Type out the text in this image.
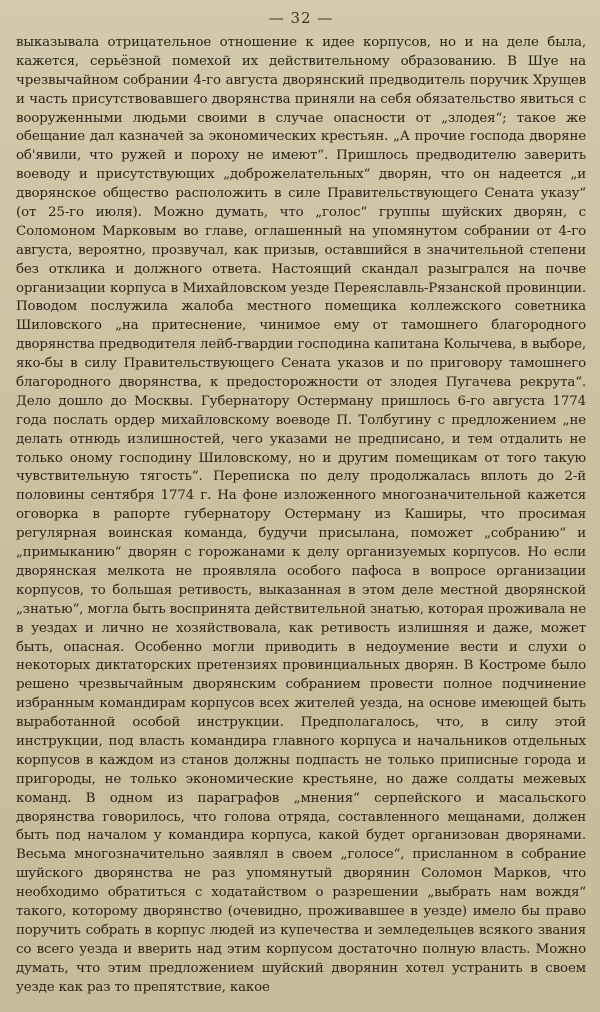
— 32 —

выказывала отрицательное отношение к идее корпусов, но и на деле была, кажется, серьёзной помехой их действительному образованию. В Шуе на чрезвычайном собрании 4-го августа дворянский предводитель поручик Хрущев и часть присутствовавшего дворянства приняли на себя обязательство явиться с вооруженными людьми своими в случае опасности от „злодея“; такое же обещание дал казначей за экономических крестьян. „А прочие господа дворяне об'явили, что ружей и пороху не имеют“. Пришлось предводителю заверить воеводу и присутствующих „доброжелательных“ дворян, что он надеется „и дворянское общество расположить в силе Правительствующего Сената указу“ (от 25-го июля). Можно думать, что „голос“ группы шуйских дворян, с Соломоном Марковым во главе, оглашенный на упомянутом собрании от 4-го августа, вероятно, прозвучал, как призыв, оставшийся в значительной степени без отклика и должного ответа. Настоящий скандал разыгрался на почве организации корпуса в Михайловском уезде Переяславль-Рязанской провинции. Поводом послужила жалоба местного помещика коллежского советника Шиловского „на притеснение, чинимое ему от тамошнего благородного дворянства предводителя лейб-гвардии господина капитана Колычева, в выборе, яко-бы в силу Правительствующего Сената указов и по приговору тамошнего благородного дворянства, к предосторожности от злодея Пугачева рекрута“. Дело дошло до Москвы. Губернатору Остерману пришлось 6-го августа 1774 года послать ордер михайловскому воеводе П. Толбугину с предложением „не делать отнюдь излишностей, чего указами не предписано, и тем отдалить не только оному господину Шиловскому, но и другим помещикам от того такую чувствительную тягость“. Переписка по делу продолжалась вплоть до 2-й половины сентября 1774 г. На фоне изложенного многозначительной кажется оговорка в рапорте губернатору Остерману из Каширы, что просимая регулярная воинская команда, будучи присылана, поможет „собранию“ и „примыканию“ дворян с горожанами к делу организуемых корпусов. Но если дворянская мелкота не проявляла особого пафоса в вопросе организации корпусов, то большая ретивость, выказанная в этом деле местной дворянской „знатью“, могла быть воспринята действительной знатью, которая проживала не в уездах и лично не хозяйствовала, как ретивость излишняя и даже, может быть, опасная. Особенно могли приводить в недоумение вести и слухи о некоторых диктаторских претензиях провинциальных дворян. В Костроме было решено чрезвычайным дворянским собранием провести полное подчинение избранным командирам корпусов всех жителей уезда, на основе имеющей быть выработанной особой инструкции. Предполагалось, что, в силу этой инструкции, под власть командира главного корпуса и начальников отдельных корпусов в каждом из станов должны подпасть не только приписные города и пригороды, не только экономические крестьяне, но даже солдаты межевых команд. В одном из параграфов „мнения“ серпейского и масальского дворянства говорилось, что голова отряда, составленного мещанами, должен быть под началом у командира корпуса, какой будет организован дворянами. Весьма многозначительно заявлял в своем „голосе“, присланном в собрание шуйского дворянства не раз упомянутый дворянин Соломон Марков, что необходимо обратиться с ходатайством о разрешении „выбрать нам вождя“ такого, которому дворянство (очевидно, проживавшее в уезде) имело бы право поручить собрать в корпус людей из купечества и земледельцев всякого звания со всего уезда и вверить над этим корпусом достаточно полную власть. Можно думать, что этим предложением шуйский дворянин хотел устранить в своем уезде как раз то препятствие, какое
